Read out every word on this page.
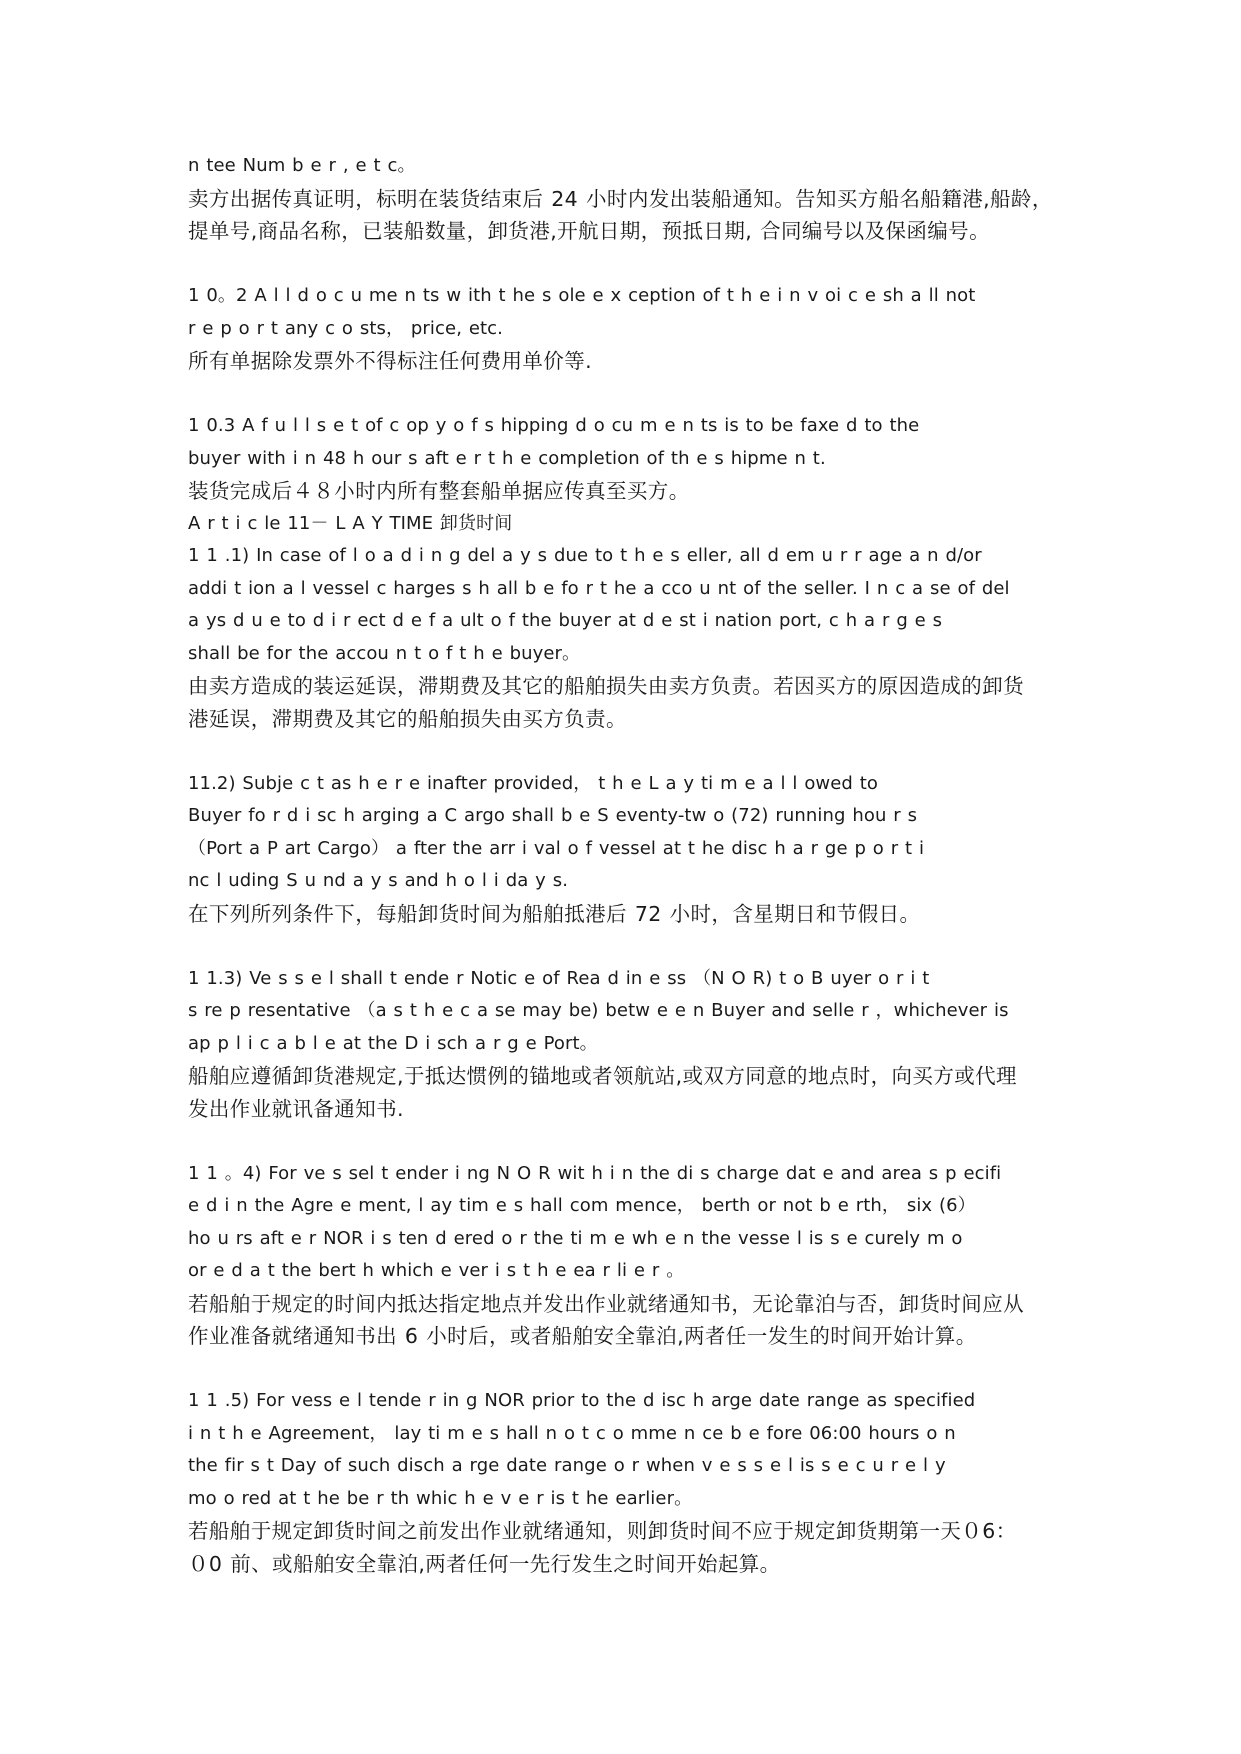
n tee Num b e r , e t c。
卖方出据传真证明，标明在装货结束后 24 小时内发出装船通知。告知买方船名船籍港,船龄，
提单号,商品名称，已装船数量，卸货港,开航日期，预抵日期, 合同编号以及保函编号。
1 0。2 A l l d o c u me n ts w ith t he s ole e x ception of t h e i n v oi c e sh a ll not
r e p o r t any c o sts， price, etc.
所有单据除发票外不得标注任何费用单价等.
1 0.3 A f u l l s e t of c op y o f s hipping d o cu m e n ts is to be faxe d to the
buyer with i n 48 h our s aft e r t h e completion of th e s hipme n t.
装货完成后４８小时内所有整套船单据应传真至买方。
A r t i c le 11－ L A Y TIME 卸货时间
1 1 .1) In case of l o a d i n g del a y s due to t h e s eller, all d em u r r age a n d/or
addi t ion a l vessel c harges s h all b e fo r t he a cco u nt of the seller. I n c a se of del
a ys d u e to d i r ect d e f a ult o f the buyer at d e st i nation port, c h a r g e s
shall be for the accou n t o f t h e buyer。
由卖方造成的装运延误，滞期费及其它的船舶损失由卖方负责。若因买方的原因造成的卸货
港延误，滞期费及其它的船舶损失由买方负责。
11.2) Subje c t as h e r e inafter provided， t h e L a y ti m e a l l owed to
Buyer fo r d i sc h arging a C argo shall b e S eventy-tw o (72) running hou r s
（Port a P art Cargo） a fter the arr i val o f vessel at t he disc h a r ge p o r t i
nc l uding S u nd a y s and h o l i da y s.
在下列所列条件下，每船卸货时间为船舶抵港后 72 小时，含星期日和节假日。
1 1.3) Ve s s e l shall t ende r Notic e of Rea d in e ss （N O R) t o B uyer o r i t
s re p resentative （a s t h e c a se may be) betw e e n Buyer and selle r ，whichever is
ap p l i c a b l e at the D i sch a r g e Port。
船舶应遵循卸货港规定,于抵达惯例的锚地或者领航站,或双方同意的地点时，向买方或代理
发出作业就讯备通知书.
1 1 。4) For ve s sel t ender i ng N O R wit h i n the di s charge dat e and area s p ecifi
e d i n the Agre e ment, l ay tim e s hall com mence， berth or not b e rth， six (6）
ho u rs aft e r NOR i s ten d ered o r the ti m e wh e n the vesse l is s e curely m o
or e d a t the bert h which e ver i s t h e ea r li e r 。
若船舶于规定的时间内抵达指定地点并发出作业就绪通知书，无论靠泊与否，卸货时间应从
作业准备就绪通知书出 6 小时后，或者船舶安全靠泊,两者任一发生的时间开始计算。
1 1 .5) For vess e l tende r in g NOR prior to the d isc h arge date range as specified
i n t h e Agreement， lay ti m e s hall n o t c o mme n ce b e fore 06:00 hours o n
the fir s t Day of such disch a rge date range o r when v e s s e l is s e c u r e l y
mo o red at t he be r th whic h e v e r is t he earlier。
若船舶于规定卸货时间之前发出作业就绪通知，则卸货时间不应于规定卸货期第一天０6：
０0 前、或船舶安全靠泊,两者任何一先行发生之时间开始起算。
